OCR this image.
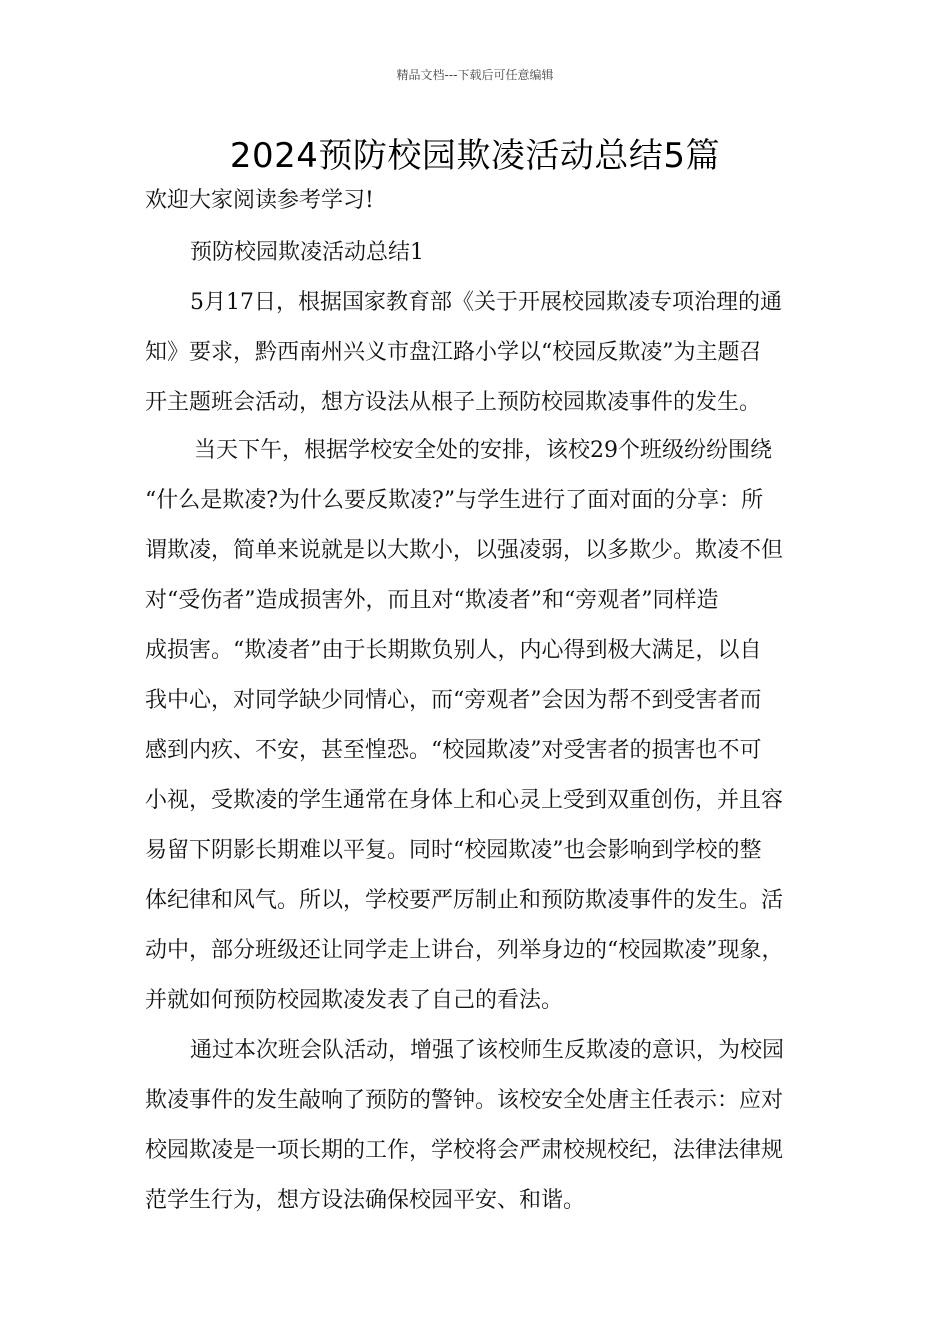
精品文档---下载后可任意编辑
2024预防校园欺凌活动总结5篇
欢迎大家阅读参考学习!
预防校园欺凌活动总结1
5月17日，根据国家教育部《关于开展校园欺凌专项治理的通
知》要求，黔西南州兴义市盘江路小学以“校园反欺凌”为主题召
开主题班会活动，想方设法从根子上预防校园欺凌事件的发生。
当天下午，根据学校安全处的安排，该校29个班级纷纷围绕
“什么是欺凌?为什么要反欺凌?”与学生进行了面对面的分享：所
谓欺凌，简单来说就是以大欺小，以强凌弱，以多欺少。欺凌不但
对“受伤者”造成损害外，而且对“欺凌者”和“旁观者”同样造
成损害。“欺凌者”由于长期欺负别人，内心得到极大满足，以自
我中心，对同学缺少同情心，而“旁观者”会因为帮不到受害者而
感到内疚、不安，甚至惶恐。“校园欺凌”对受害者的损害也不可
小视，受欺凌的学生通常在身体上和心灵上受到双重创伤，并且容
易留下阴影长期难以平复。同时“校园欺凌”也会影响到学校的整
体纪律和风气。所以，学校要严厉制止和预防欺凌事件的发生。活
动中，部分班级还让同学走上讲台，列举身边的“校园欺凌”现象，
并就如何预防校园欺凌发表了自己的看法。
通过本次班会队活动，增强了该校师生反欺凌的意识，为校园
欺凌事件的发生敲响了预防的警钟。该校安全处唐主任表示：应对
校园欺凌是一项长期的工作，学校将会严肃校规校纪，法律法律规
范学生行为，想方设法确保校园平安、和谐。
